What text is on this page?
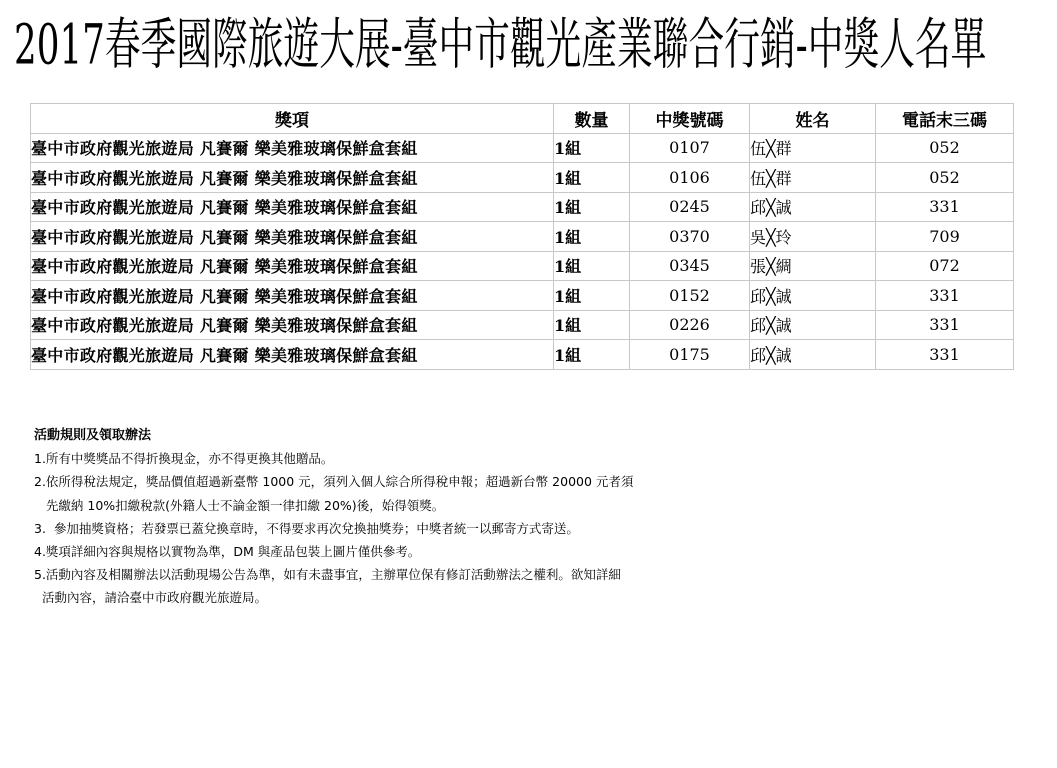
2017春季國際旅遊大展-臺中市觀光產業聯合行銷-中獎人名單
獎項	數量	中獎號碼	姓名	電話末三碼
臺中市政府觀光旅遊局 凡賽爾 樂美雅玻璃保鮮盒套組	1組	0107	伍╳群	052
臺中市政府觀光旅遊局 凡賽爾 樂美雅玻璃保鮮盒套組	1組	0106	伍╳群	052
臺中市政府觀光旅遊局 凡賽爾 樂美雅玻璃保鮮盒套組	1組	0245	邱╳誠	331
臺中市政府觀光旅遊局 凡賽爾 樂美雅玻璃保鮮盒套組	1組	0370	吳╳玲	709
臺中市政府觀光旅遊局 凡賽爾 樂美雅玻璃保鮮盒套組	1組	0345	張╳綢	072
臺中市政府觀光旅遊局 凡賽爾 樂美雅玻璃保鮮盒套組	1組	0152	邱╳誠	331
臺中市政府觀光旅遊局 凡賽爾 樂美雅玻璃保鮮盒套組	1組	0226	邱╳誠	331
臺中市政府觀光旅遊局 凡賽爾 樂美雅玻璃保鮮盒套組	1組	0175	邱╳誠	331
活動規則及領取辦法
1.所有中獎獎品不得折換現金，亦不得更換其他贈品。
2.依所得稅法規定，獎品價值超過新臺幣 1000 元，須列入個人綜合所得稅申報；超過新台幣 20000 元者須
先繳納 10%扣繳稅款(外籍人士不論金額一律扣繳 20%)後，始得領獎。
3.  參加抽獎資格；若發票已蓋兌換章時，不得要求再次兌換抽獎券；中獎者統一以郵寄方式寄送。
4.獎項詳細內容與規格以實物為準，DM 與產品包裝上圖片僅供參考。
5.活動內容及相關辦法以活動現場公告為準，如有未盡事宜，主辦單位保有修訂活動辦法之權利。欲知詳細
活動內容，請洽臺中市政府觀光旅遊局。
